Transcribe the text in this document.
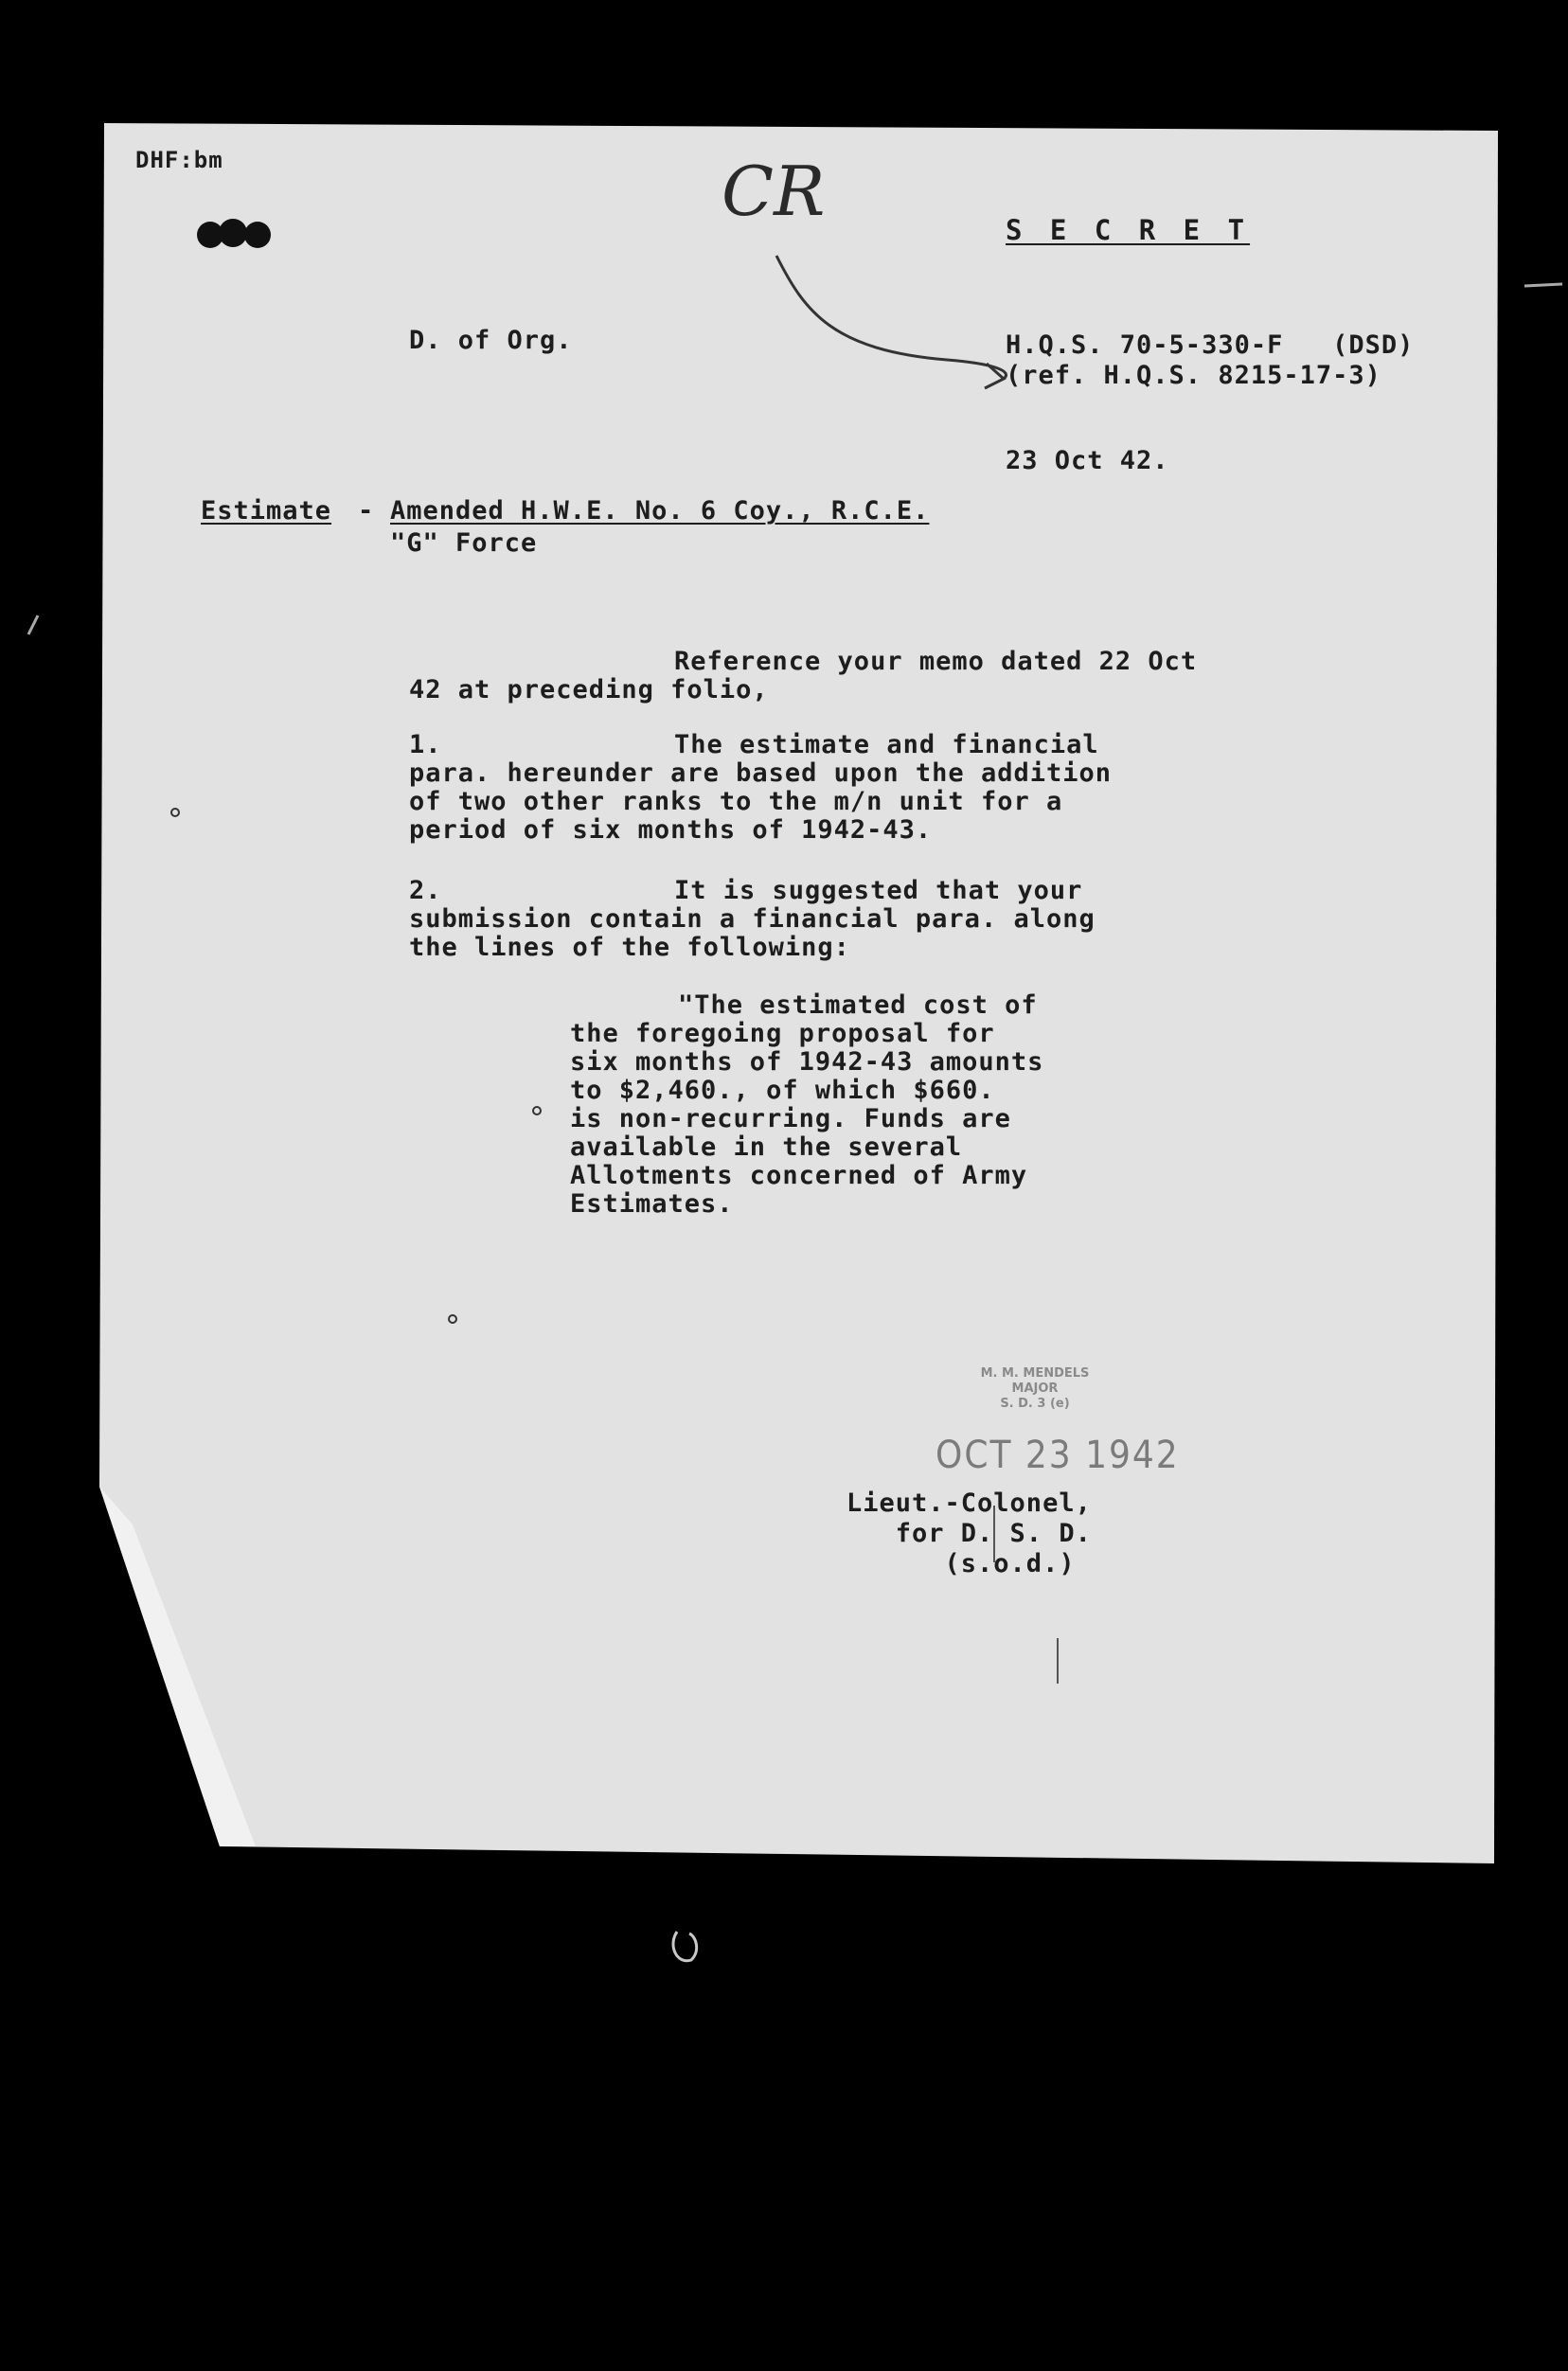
CR
DHF:bm
S E C R E T
D. of Org.	H.Q.S. 70-5-330-F   (DSD)
(ref. H.Q.S. 8215-17-3)
23 Oct 42.
Estimate - Amended H.W.E. No. 6 Coy., R.C.E.
"G" Force
Reference your memo dated 22 Oct
42 at preceding folio,
1.	The estimate and financial
para. hereunder are based upon the addition
of two other ranks to the m/n unit for a
period of six months of 1942-43.
2.	It is suggested that your
submission contain a financial para. along
the lines of the following:
"The estimated cost of
the foregoing proposal for
six months of 1942-43 amounts
to $2,460., of which $660.
is non-recurring. Funds are
available in the several
Allotments concerned of Army
Estimates.
M. M. MENDELS
MAJOR
S. D. 3 (e)
OCT 23 1942
Lieut.-Colonel,
for D. S. D.
(s.o.d.)
